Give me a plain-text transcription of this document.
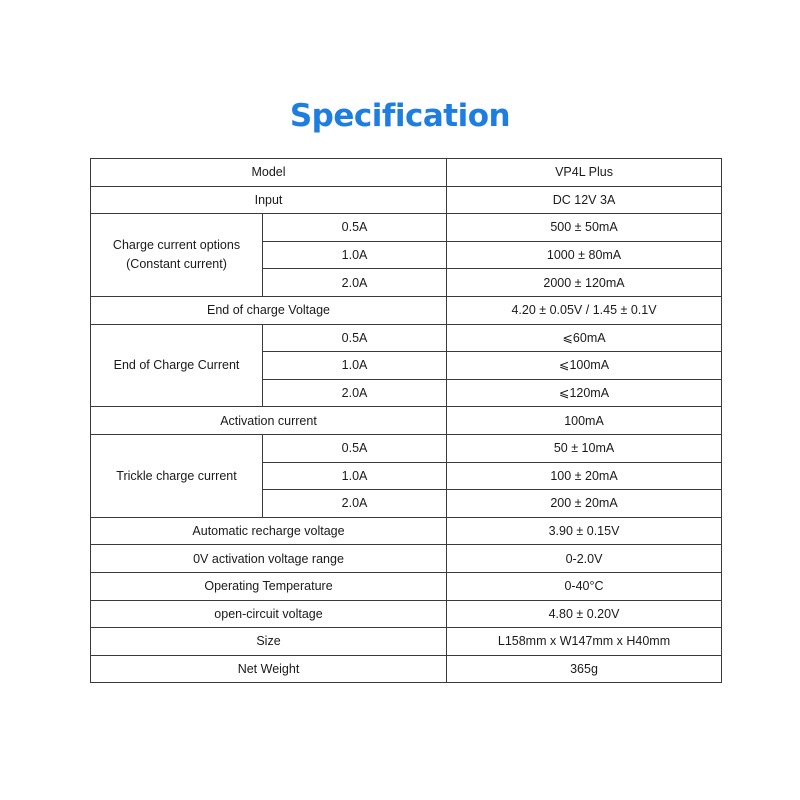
Specification
Model		VP4L Plus
Input		DC 12V 3A
Charge current options
(Constant current)	0.5A	500 ± 50mA
	1.0A	1000 ± 80mA
	2.0A	2000 ± 120mA
End of charge Voltage		4.20 ± 0.05V / 1.45 ± 0.1V
End of Charge Current	0.5A	⩽60mA
	1.0A	⩽100mA
	2.0A	⩽120mA
Activation current		100mA
Trickle charge current	0.5A	50 ± 10mA
	1.0A	100 ± 20mA
	2.0A	200 ± 20mA
Automatic recharge voltage		3.90 ± 0.15V
0V activation voltage range		0-2.0V
Operating Temperature		0-40°C
open-circuit voltage		4.80 ± 0.20V
Size		L158mm x W147mm x H40mm
Net Weight		365g
